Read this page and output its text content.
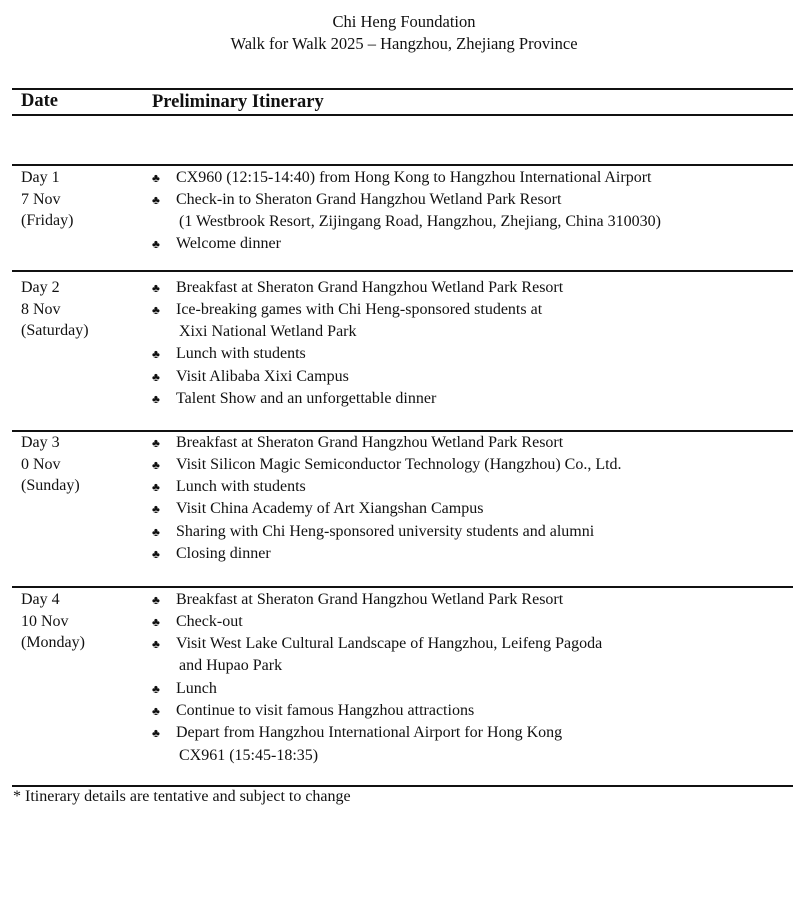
Chi Heng Foundation
Walk for Walk 2025 – Hangzhou, Zhejiang Province
Date	Preliminary Itinerary
Day 1
7 Nov
(Friday)
♣ CX960 (12:15-14:40) from Hong Kong to Hangzhou International Airport
♣ Check-in to Sheraton Grand Hangzhou Wetland Park Resort
(1 Westbrook Resort, Zijingang Road, Hangzhou, Zhejiang, China 310030)
♣ Welcome dinner
Day 2
8 Nov
(Saturday)
♣ Breakfast at Sheraton Grand Hangzhou Wetland Park Resort
♣ Ice-breaking games with Chi Heng-sponsored students at
Xixi National Wetland Park
♣ Lunch with students
♣ Visit Alibaba Xixi Campus
♣ Talent Show and an unforgettable dinner
Day 3
0 Nov
(Sunday)
♣ Breakfast at Sheraton Grand Hangzhou Wetland Park Resort
♣ Visit Silicon Magic Semiconductor Technology (Hangzhou) Co., Ltd.
♣ Lunch with students
♣ Visit China Academy of Art Xiangshan Campus
♣ Sharing with Chi Heng-sponsored university students and alumni
♣ Closing dinner
Day 4
10 Nov
(Monday)
♣ Breakfast at Sheraton Grand Hangzhou Wetland Park Resort
♣ Check-out
♣ Visit West Lake Cultural Landscape of Hangzhou, Leifeng Pagoda
and Hupao Park
♣ Lunch
♣ Continue to visit famous Hangzhou attractions
♣ Depart from Hangzhou International Airport for Hong Kong
CX961 (15:45-18:35)
* Itinerary details are tentative and subject to change
